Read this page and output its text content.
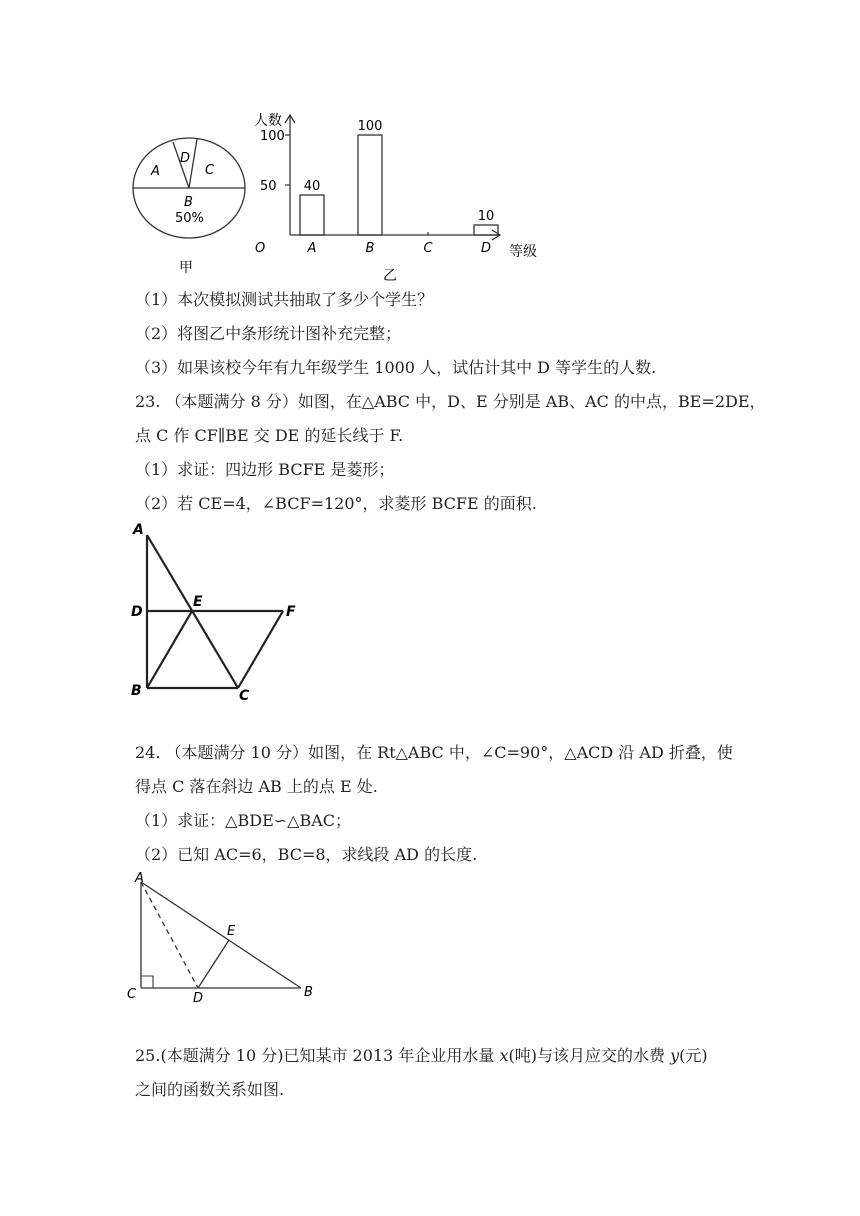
A
D
C
B
50%
甲
人数
等级
O
50
100
40
A
100
B	C
10
D
乙
（1）本次模拟测试共抽取了多少个学生？
（2）将图乙中条形统计图补充完整；
（3）如果该校今年有九年级学生 1000 人，试估计其中 D 等学生的人数.
23. （本题满分 8 分）如图，在△ABC 中，D、E 分别是 AB、AC 的中点，BE=2DE，
点 C 作 CF∥BE 交 DE 的延长线于 F.
（1）求证：四边形 BCFE 是菱形；
（2）若 CE=4，∠BCF=120°，求菱形 BCFE 的面积.
A
D
E
F
B	C
24. （本题满分 10 分）如图，在 Rt△ABC 中，∠C=90°，△ACD 沿 AD 折叠，使
得点 C 落在斜边 AB 上的点 E 处.
（1）求证：△BDE∽△BAC；
（2）已知 AC=6，BC=8，求线段 AD 的长度.
A
E
C	D	B
25.(本题满分 10 分)已知某市 2013 年企业用水量 x(吨)与该月应交的水费 y(元)
之间的函数关系如图.
